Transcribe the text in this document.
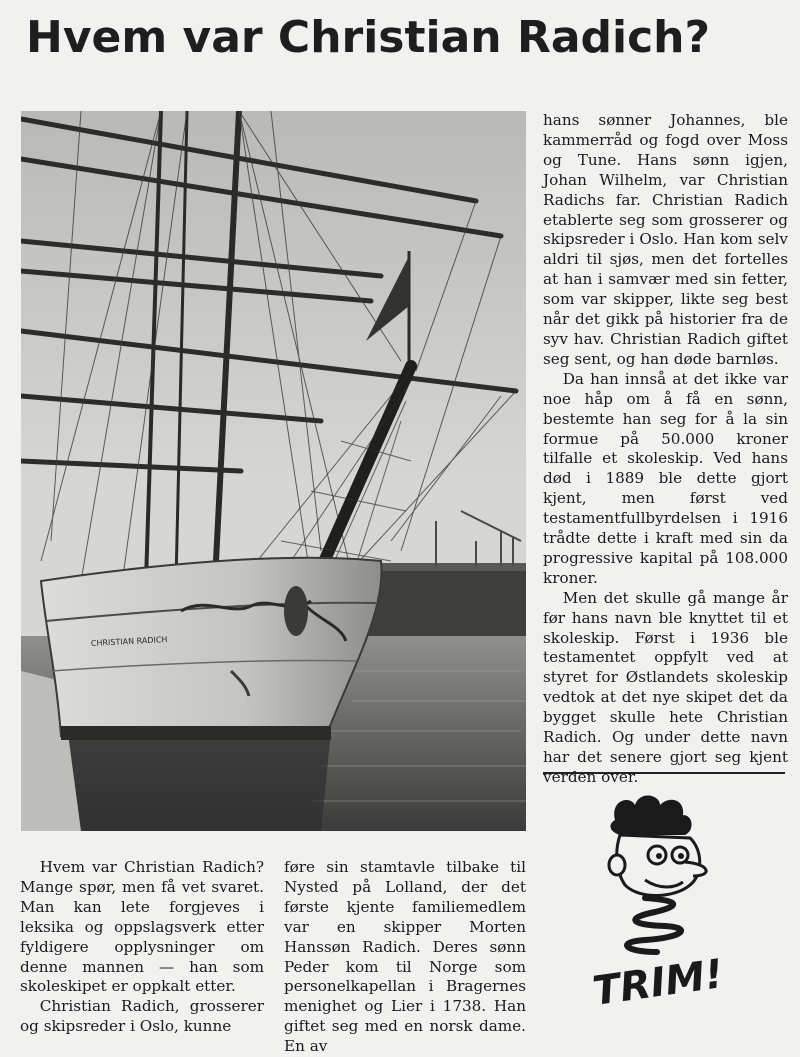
Hvem var Christian Radich?
CHRISTIAN RADICH

hans sønner Johannes, ble kammerråd og fogd over Moss og Tune. Hans sønn igjen, Johan Wilhelm, var Christian Radichs far. Christian Radich etablerte seg som grosserer og skipsreder i Oslo. Han kom selv aldri til sjøs, men det fortelles at han i samvær med sin fetter, som var skipper, likte seg best når det gikk på historier fra de syv hav. Christian Radich giftet seg sent, og han døde barnløs.

Da han innså at det ikke var noe håp om å få en sønn, bestemte han seg for å la sin formue på 50.000 kroner tilfalle et skoleskip. Ved hans død i 1889 ble dette gjort kjent, men først ved testamentfullbyrdelsen i 1916 trådte dette i kraft med sin da progressive kapital på 108.000 kroner.

Men det skulle gå mange år før hans navn ble knyttet til et skoleskip. Først i 1936 ble testamentet oppfylt ved at styret for Østlandets skoleskip vedtok at det nye skipet det da bygget skulle hete Christian Radich. Og under dette navn har det senere gjort seg kjent verden over.

Hvem var Christian Radich? Mange spør, men få vet svaret. Man kan lete forgjeves i leksika og oppslagsverk etter fyldigere opplysninger om denne mannen — han som skoleskipet er oppkalt etter.

Christian Radich, grosserer og skipsreder i Oslo, kunne

føre sin stamtavle tilbake til Nysted på Lolland, der det første kjente familiemedlem var en skipper Morten Hanssøn Radich. Deres sønn Peder kom til Norge som personelkapellan i Bragernes menighet og Lier i 1738. Han giftet seg med en norsk dame. En av

TRIM!
